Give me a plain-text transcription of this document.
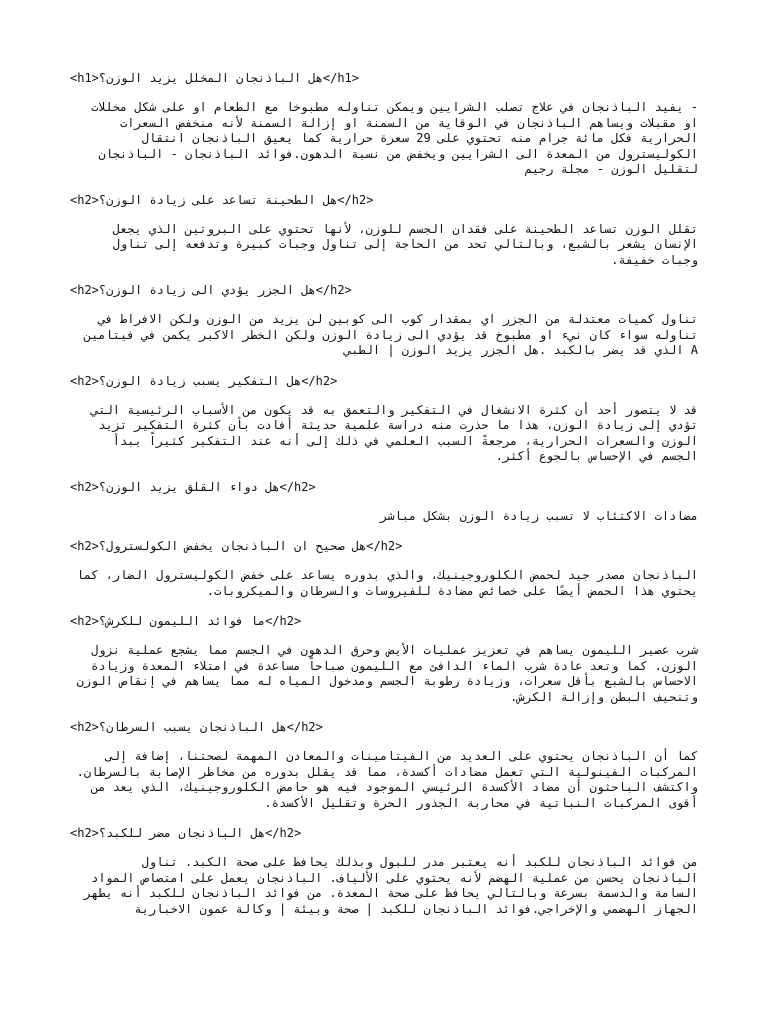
<h1>هل الباذنجان المخلل يزيد الوزن؟</h1>
- يفيد الباذنجان في علاج تصلب الشرايين ويمكن تناوله مطبوخا مع الطعام او على شكل مخللات او مقبلات ويساهم الباذنجان في الوقاية من السمنة او إزالة السمنة لأنه منخفض السعرات الحرارية فكل مائة جرام منه تحتوي على 29 سعرة حرارية كما يعيق الباذنجان انتقال الكوليسترول من المعدة الى الشرايين ويخفض من نسبة الدهون.فوائد الباذنجان - الباذنجان لتقليل الوزن - مجلة رجيم
<h2>هل الطحينة تساعد على زيادة الوزن؟</h2>
تقلل الوزن تساعد الطحينة على فقدان الجسم للوزن، لأنها تحتوي على البروتين الذي يجعل الإنسان يشعر بالشبع، وبالتالي تحد من الحاجة إلى تناول وجبات كبيرة وتدفعه إلى تناول وجبات خفيفة.
<h2>هل الجزر يؤدي الى زيادة الوزن؟</h2>
تناول كميات معتدلة من الجزر اي بمقدار كوب الى كوبين لن يزيد من الوزن ولكن الافراط في تناوله سواء كان نيء او مطبوخ قد يؤدي الى زيادة الوزن ولكن الخطر الاكبر يكمن في فيتامين A الذي قد يضر بالكبد .هل الجزر يزيد الوزن | الطبي
<h2>هل التفكير يسبب زيادة الوزن؟</h2>
قد لا يتصور أحد أن كثرة الانشغال في التفكير والتعمق به قد يكون من الأسباب الرئيسية التي تؤدي إلى زيادة الوزن، هذا ما حذرت منه دراسة علمية حديثة أفادت بأن كثرة التفكير تزيد الوزن والسعرات الحرارية، مرجعةً السبب العلمي في ذلك إلى أنه عند التفكير كثيراً يبدأ الجسم في الإحساس بالجوع أكثر.
<h2>هل دواء القلق يزيد الوزن؟</h2>
مضادات الاكتئاب لا تسبب زيادة الوزن بشكل مباشر
<h2>هل صحيح ان الباذنجان يخفض الكولسترول؟</h2>
الباذنجان مصدر جيد لحمض الكلوروجينيك، والذي بدوره يساعد على خفض الكوليسترول الضار، كما يحتوي هذا الحمض أيضًا على خصائص مضادة للفيروسات والسرطان والميكروبات.
<h2>ما فوائد الليمون للكرش؟</h2>
شرب عصير الليمون يساهم في تعزيز عمليات الأيض وحرق الدهون في الجسم مما يشجع عملية نزول الوزن. كما وتعد عادة شرب الماء الدافئ مع الليمون صباحاً مساعدة في امتلاء المعدة وزيادة الاحساس بالشبع بأقل سعرات، وزيادة رطوبة الجسم ومدخول المياه له مما يساهم في إنقاص الوزن وتنحيف البطن وإزالة الكرش.
<h2>هل الباذنجان يسبب السرطان؟</h2>
كما أن الباذنجان يحتوي على العديد من الفيتامينات والمعادن المهمة لصحتنا، إضافة إلى المركبات الفينولية التي تعمل مضادات أكسدة، مما قد يقلل بدوره من مخاطر الإصابة بالسرطان. واكتشف الباحثون أن مضاد الأكسدة الرئيسي الموجود فيه هو حامض الكلوروجينيك، الذي يعد من أقوى المركبات النباتية في محاربة الجذور الحرة وتقليل الأكسدة.
<h2>هل الباذنجان مضر للكبد؟</h2>
من فوائد الباذنجان للكبد أنه يعتبر مدر للبول وبذلك يحافظ على صحة الكبد. تناول الباذنجان يحسن من عملية الهضم لأنه يحتوي على الألياف. الباذنجان يعمل على امتصاص المواد السامة والدسمة بسرعة وبالتالي يحافظ على صحة المعدة. من فوائد الباذنجان للكبد أنه يطهر الجهاز الهضمي والإخراجي.فوائد الباذنجان للكبد | صحة وبيئة | وكالة عمون الاخبارية
